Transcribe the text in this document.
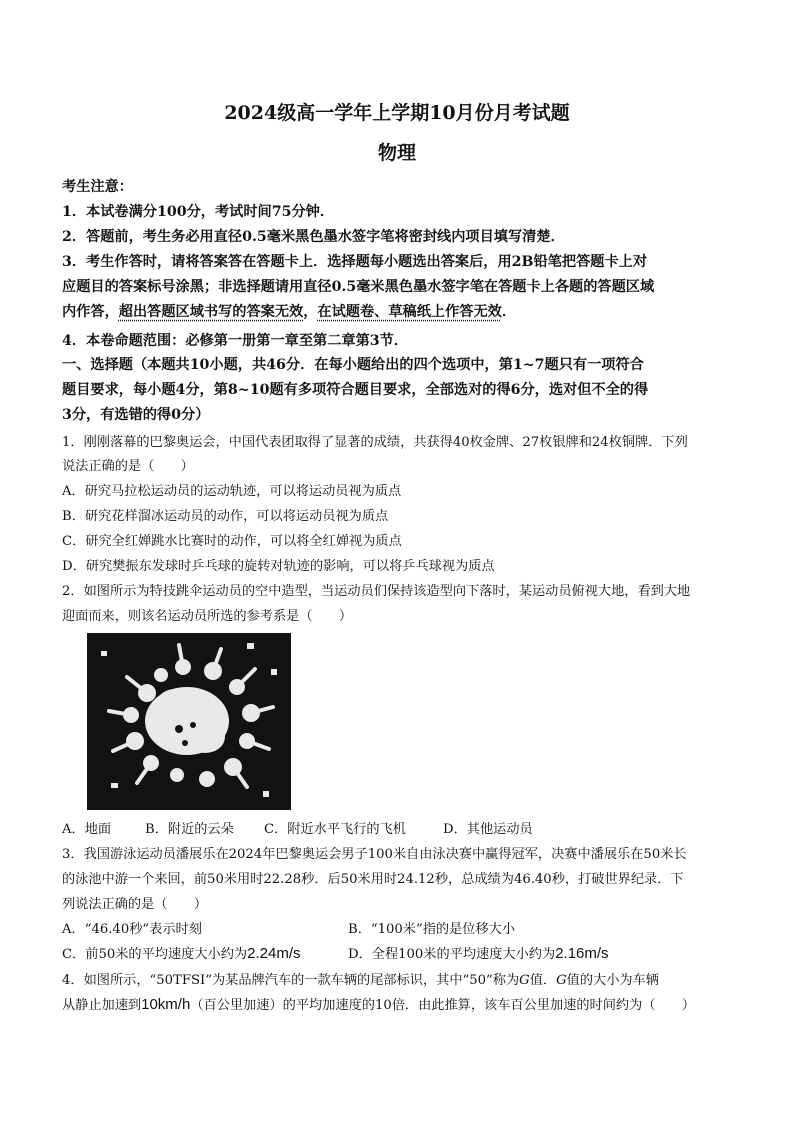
2024级高一学年上学期10月份月考试题
物理
考生注意：
1．本试卷满分100分，考试时间75分钟．
2．答题前，考生务必用直径0.5毫米黑色墨水签字笔将密封线内项目填写清楚．
3．考生作答时，请将答案答在答题卡上．选择题每小题选出答案后，用2B铅笔把答题卡上对
应题目的答案标号涂黑；非选择题请用直径0.5毫米黑色墨水签字笔在答题卡上各题的答题区域
内作答，超出答题区域书写的答案无效，在试题卷、草稿纸上作答无效．
4．本卷命题范围：必修第一册第一章至第二章第3节．
一、选择题（本题共10小题，共46分．在每小题给出的四个选项中，第1~7题只有一项符合
题目要求，每小题4分，第8~10题有多项符合题目要求，全部选对的得6分，选对但不全的得
3分，有选错的得0分）
1．刚刚落幕的巴黎奥运会，中国代表团取得了显著的成绩，共获得40枚金牌、27枚银牌和24枚铜牌．下列
说法正确的是（　　）
A．研究马拉松运动员的运动轨迹，可以将运动员视为质点
B．研究花样溜冰运动员的动作，可以将运动员视为质点
C．研究全红婵跳水比赛时的动作，可以将全红婵视为质点
D．研究樊振东发球时乒乓球的旋转对轨迹的影响，可以将乒乓球视为质点
2．如图所示为特技跳伞运动员的空中造型，当运动员们保持该造型向下落时，某运动员俯视大地，看到大地
迎面而来，则该名运动员所选的参考系是（　　）
A．地面	B．附近的云朵 C．附近水平飞行的飞机	D．其他运动员
3．我国游泳运动员潘展乐在2024年巴黎奥运会男子100米自由泳决赛中赢得冠军，决赛中潘展乐在50米长
的泳池中游一个来回，前50米用时22.28秒．后50米用时24.12秒，总成绩为46.40秒，打破世界纪录．下
列说法正确的是（　　）
A．“46.40秒”表示时刻	B．“100米”指的是位移大小
C．前50米的平均速度大小约为2.24m/s	D．全程100米的平均速度大小约为2.16m/s
4．如图所示，“50TFSI”为某品牌汽车的一款车辆的尾部标识，其中“50”称为G值．G值的大小为车辆
从静止加速到10km/h（百公里加速）的平均加速度的10倍．由此推算，该车百公里加速的时间约为（　　）
